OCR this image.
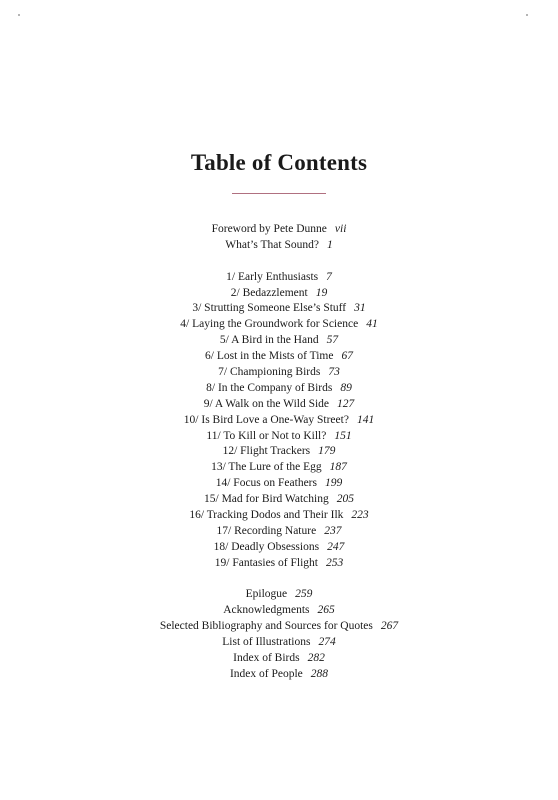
Table of Contents
Foreword by Pete Dunne vii
What’s That Sound? 1
1/ Early Enthusiasts 7
2/ Bedazzlement 19
3/ Strutting Someone Else’s Stuff 31
4/ Laying the Groundwork for Science 41
5/ A Bird in the Hand 57
6/ Lost in the Mists of Time 67
7/ Championing Birds 73
8/ In the Company of Birds 89
9/ A Walk on the Wild Side 127
10/ Is Bird Love a One-Way Street? 141
11/ To Kill or Not to Kill? 151
12/ Flight Trackers 179
13/ The Lure of the Egg 187
14/ Focus on Feathers 199
15/ Mad for Bird Watching 205
16/ Tracking Dodos and Their Ilk 223
17/ Recording Nature 237
18/ Deadly Obsessions 247
19/ Fantasies of Flight 253
Epilogue 259
Acknowledgments 265
Selected Bibliography and Sources for Quotes 267
List of Illustrations 274
Index of Birds 282
Index of People 288
